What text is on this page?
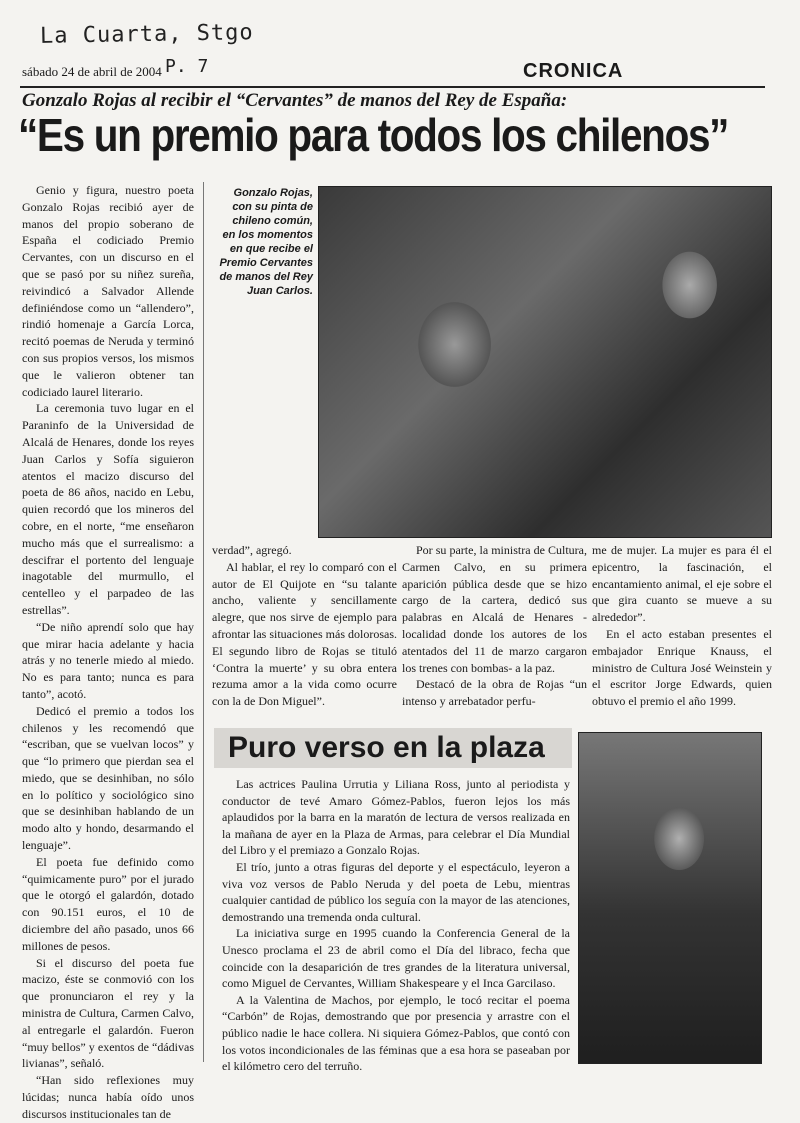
La Cuarta, Stgo
P. 7
sábado 24 de abril de 2004	CRONICA
Gonzalo Rojas al recibir el “Cervantes” de manos del Rey de España:
“Es un premio para todos los chilenos”

Genio y figura, nuestro poeta Gonzalo Rojas recibió ayer de manos del propio soberano de España el codiciado Premio Cervantes, con un discurso en el que se pasó por su niñez sureña, reivindicó a Salvador Allende definiéndose como un “allendero”, rindió homenaje a García Lorca, recitó poemas de Neruda y terminó con sus propios versos, los mismos que le valieron obtener tan codiciado laurel literario.

La ceremonia tuvo lugar en el Paraninfo de la Universidad de Alcalá de Henares, donde los reyes Juan Carlos y Sofía siguieron atentos el macizo discurso del poeta de 86 años, nacido en Lebu, quien recordó que los mineros del cobre, en el norte, “me enseñaron mucho más que el surrealismo: a descifrar el portento del lenguaje inagotable del murmullo, el centelleo y el parpadeo de las estrellas”.

“De niño aprendí solo que hay que mirar hacia adelante y hacia atrás y no tenerle miedo al miedo. No es para tanto; nunca es para tanto”, acotó.

Dedicó el premio a todos los chilenos y les recomendó que “escriban, que se vuelvan locos” y que “lo primero que pierdan sea el miedo, que se desinhiban, no sólo en lo político y sociológico sino que se desinhiban hablando de un modo alto y hondo, desarmando el lenguaje”.

El poeta fue definido como “quimicamente puro” por el jurado que le otorgó el galardón, dotado con 90.151 euros, el 10 de diciembre del año pasado, unos 66 millones de pesos.

Si el discurso del poeta fue macizo, éste se conmovió con los que pronunciaron el rey y la ministra de Cultura, Carmen Calvo, al entregarle el galardón. Fueron “muy bellos” y exentos de “dádivas livianas”, señaló.

“Han sido reflexiones muy lúcidas; nunca había oído unos discursos institucionales tan de

Gonzalo Rojas, con su pinta de chileno común, en los momentos en que recibe el Premio Cervantes de manos del Rey Juan Carlos.

verdad”, agregó.

Al hablar, el rey lo comparó con el autor de El Quijote en “su talante ancho, valiente y sencillamente alegre, que nos sirve de ejemplo para afrontar las situaciones más dolorosas. El segundo libro de Rojas se tituló ‘Contra la muerte’ y su obra entera rezuma amor a la vida como ocurre con la de Don Miguel”.

Por su parte, la ministra de Cultura, Carmen Calvo, en su primera aparición pública desde que se hizo cargo de la cartera, dedicó sus palabras en Alcalá de Henares -localidad donde los autores de los atentados del 11 de marzo cargaron los trenes con bombas- a la paz.

Destacó de la obra de Rojas “un intenso y arrebatador perfu-

me de mujer. La mujer es para él el epicentro, la fascinación, el encantamiento animal, el eje sobre el que gira cuanto se mueve a su alrededor”.

En el acto estaban presentes el embajador Enrique Knauss, el ministro de Cultura José Weinstein y el escritor Jorge Edwards, quien obtuvo el premio el año 1999.

Puro verso en la plaza

Las actrices Paulina Urrutia y Liliana Ross, junto al periodista y conductor de tevé Amaro Gómez-Pablos, fueron lejos los más aplaudidos por la barra en la maratón de lectura de versos realizada en la mañana de ayer en la Plaza de Armas, para celebrar el Día Mundial del Libro y el premiazo a Gonzalo Rojas.

El trío, junto a otras figuras del deporte y el espectáculo, leyeron a viva voz versos de Pablo Neruda y del poeta de Lebu, mientras cualquier cantidad de público los seguía con la mayor de las atenciones, demostrando una tremenda onda cultural.

La iniciativa surge en 1995 cuando la Conferencia General de la Unesco proclama el 23 de abril como el Día del libraco, fecha que coincide con la desaparición de tres grandes de la literatura universal, como Miguel de Cervantes, William Shakespeare y el Inca Garcilaso.

A la Valentina de Machos, por ejemplo, le tocó recitar el poema “Carbón” de Rojas, demostrando que por presencia y arrastre con el público nadie le hace collera. Ni siquiera Gómez-Pablos, que contó con los votos incondicionales de las féminas que a esa hora se paseaban por el kilómetro cero del terruño.
